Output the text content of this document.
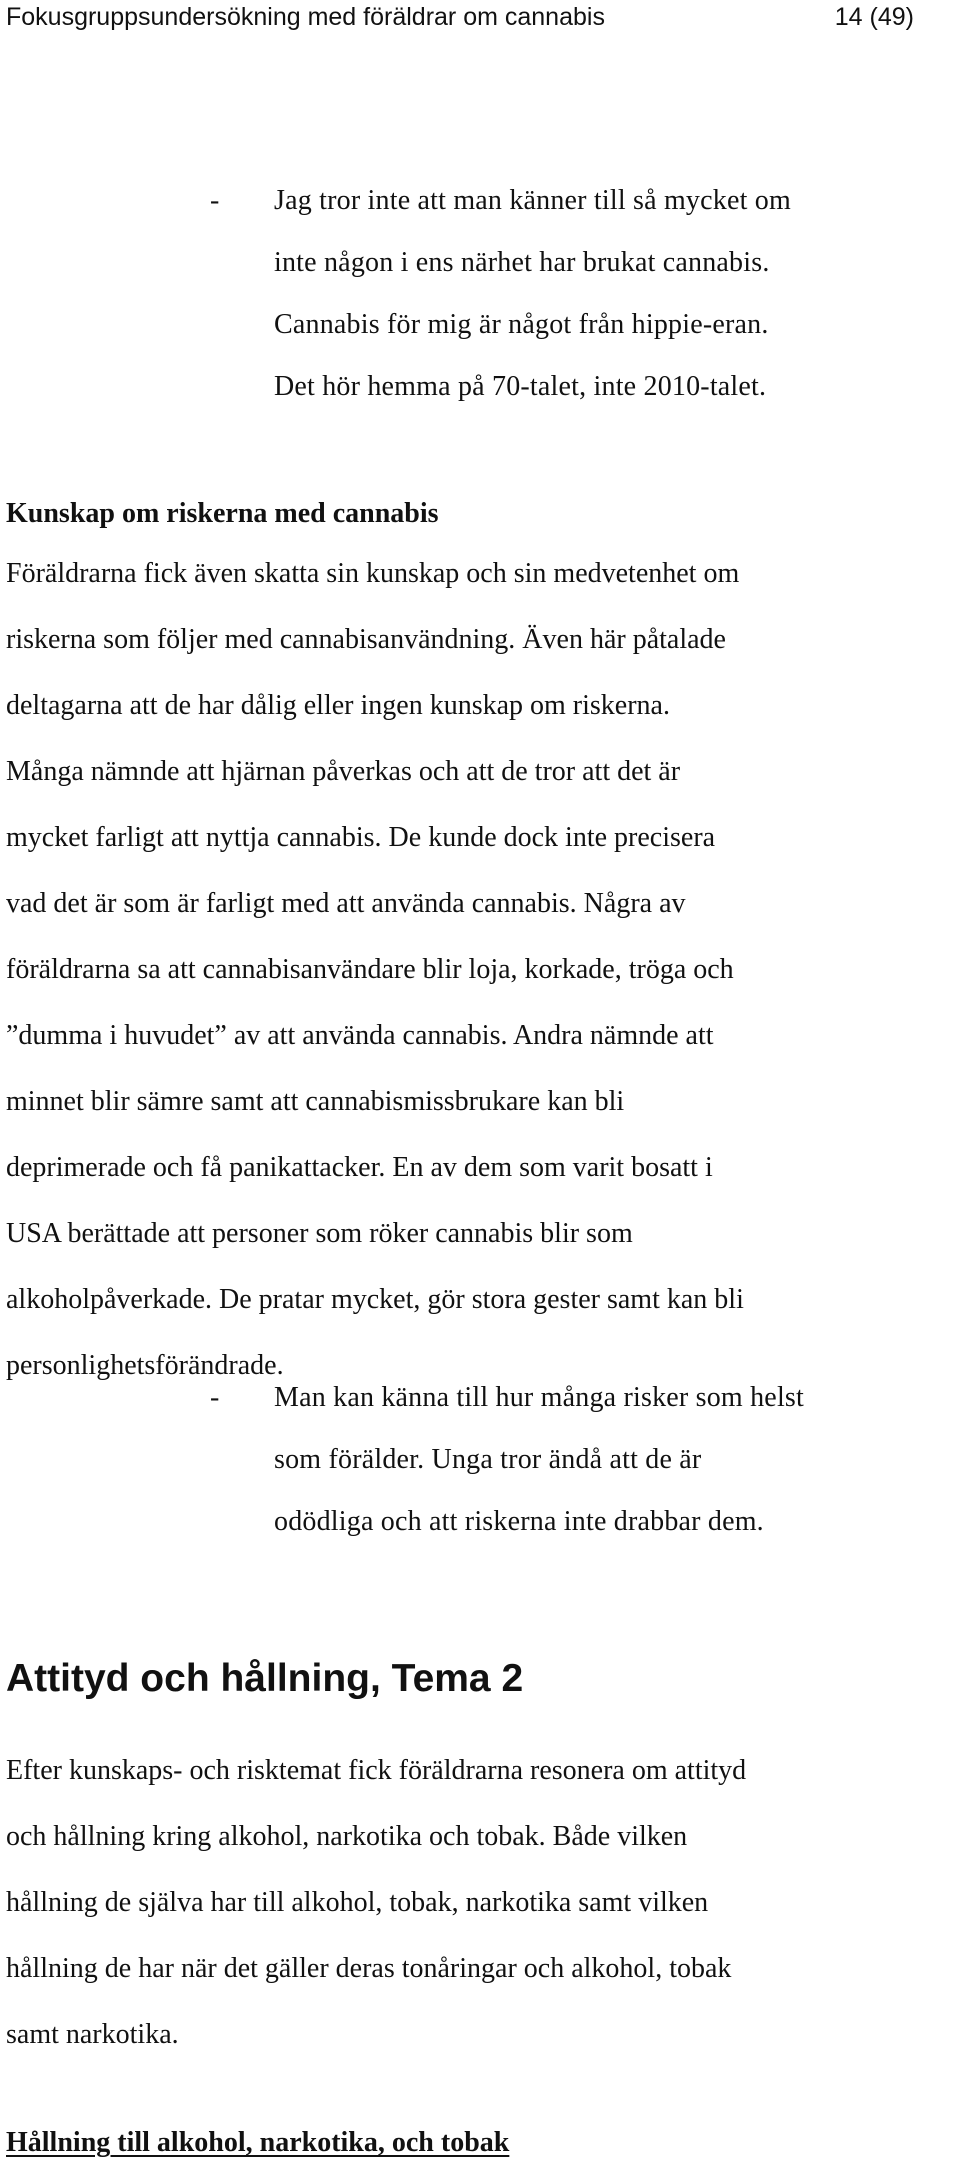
Fokusgruppsundersökning med föräldrar om cannabis	14 (49)
-	Jag tror inte att man känner till så mycket om
inte någon i ens närhet har brukat cannabis.
Cannabis för mig är något från hippie-eran.
Det hör hemma på 70-talet, inte 2010-talet.
Kunskap om riskerna med cannabis
Föräldrarna fick även skatta sin kunskap och sin medvetenhet om
riskerna som följer med cannabisanvändning. Även här påtalade
deltagarna att de har dålig eller ingen kunskap om riskerna.
Många nämnde att hjärnan påverkas och att de tror att det är
mycket farligt att nyttja cannabis. De kunde dock inte precisera
vad det är som är farligt med att använda cannabis. Några av
föräldrarna sa att cannabisanvändare blir loja, korkade, tröga och
”dumma i huvudet” av att använda cannabis. Andra nämnde att
minnet blir sämre samt att cannabismissbrukare kan bli
deprimerade och få panikattacker. En av dem som varit bosatt i
USA berättade att personer som röker cannabis blir som
alkoholpåverkade. De pratar mycket, gör stora gester samt kan bli
personlighetsförändrade.
-	Man kan känna till hur många risker som helst
som förälder. Unga tror ändå att de är
odödliga och att riskerna inte drabbar dem.
Attityd och hållning, Tema 2
Efter kunskaps- och risktemat fick föräldrarna resonera om attityd
och hållning kring alkohol, narkotika och tobak. Både vilken
hållning de själva har till alkohol, tobak, narkotika samt vilken
hållning de har när det gäller deras tonåringar och alkohol, tobak
samt narkotika.
Hållning till alkohol, narkotika, och tobak
